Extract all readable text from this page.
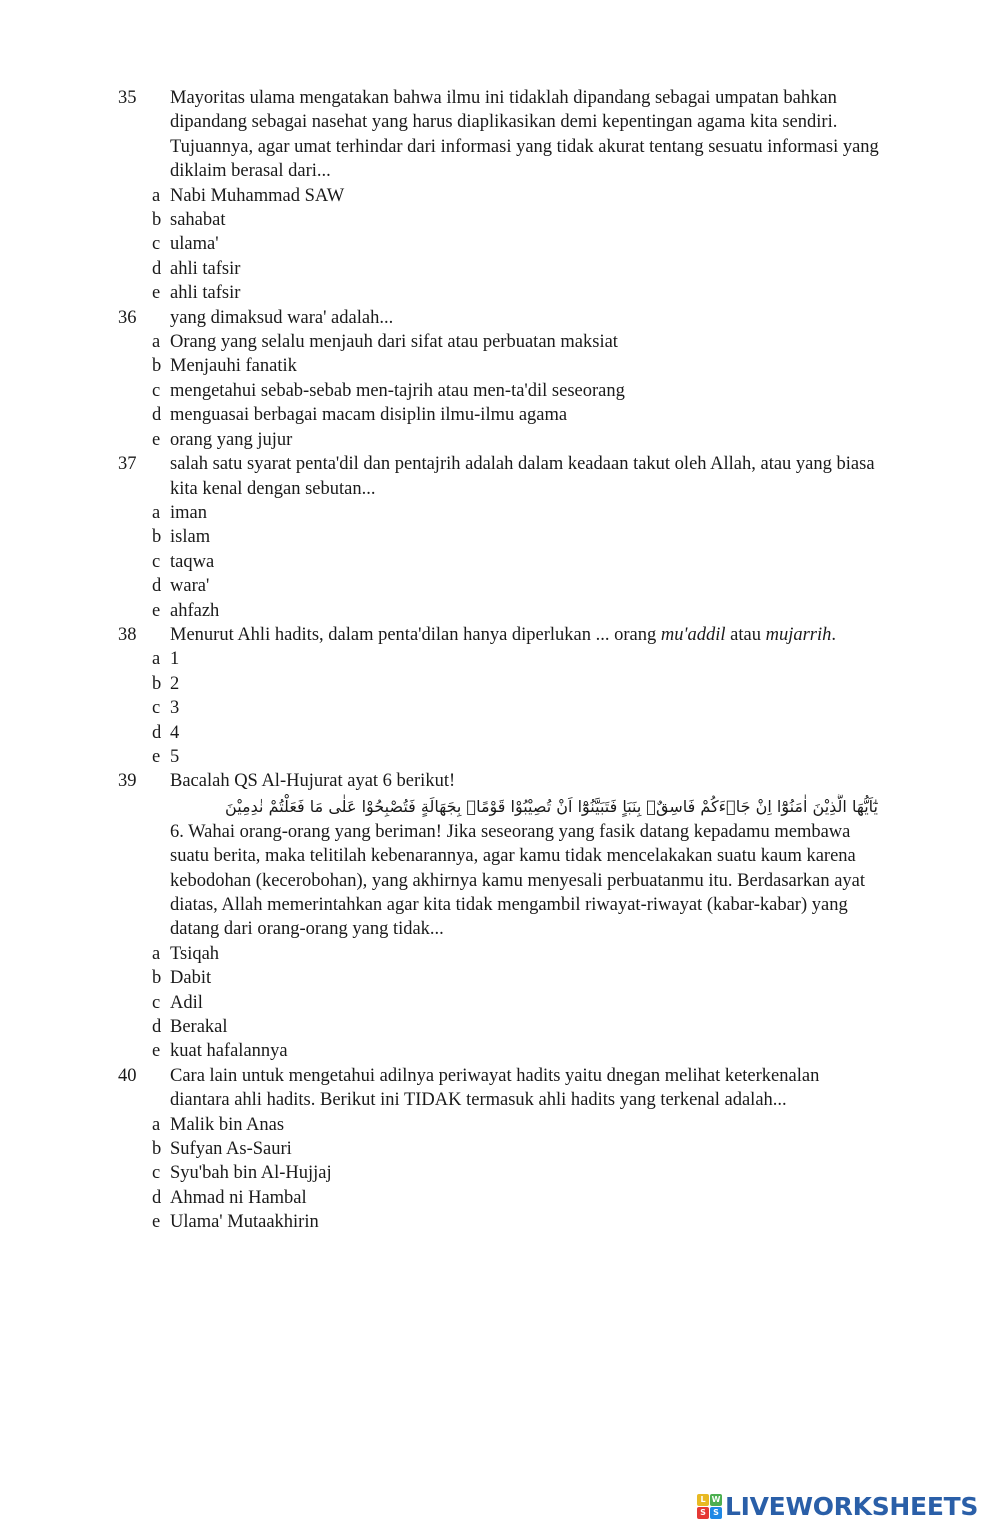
35 Mayoritas ulama mengatakan bahwa ilmu ini tidaklah dipandang sebagai umpatan bahkan dipandang sebagai nasehat yang harus diaplikasikan demi kepentingan agama kita sendiri. Tujuannya, agar umat terhindar dari informasi yang tidak akurat tentang sesuatu informasi yang diklaim berasal dari...
a Nabi Muhammad SAW
b sahabat
c ulama'
d ahli tafsir
e ahli tafsir
36 yang dimaksud wara' adalah...
a Orang yang selalu menjauh dari sifat atau perbuatan maksiat
b Menjauhi fanatik
c mengetahui sebab-sebab men-tajrih atau men-ta'dil seseorang
d menguasai berbagai macam disiplin ilmu-ilmu agama
e orang yang jujur
37 salah satu syarat penta'dil dan pentajrih adalah dalam keadaan takut oleh Allah, atau yang biasa kita kenal dengan sebutan...
a iman
b islam
c taqwa
d wara'
e ahfazh
38 Menurut Ahli hadits, dalam penta'dilan hanya diperlukan ... orang mu'addil atau mujarrih.
a 1
b 2
c 3
d 4
e 5
39 Bacalah QS Al-Hujurat ayat 6 berikut!
يٰٓاَيُّهَا الَّذِيْنَ اٰمَنُوْٓا اِنْ جَاۤءَكُمْ فَاسِقٌۢ بِنَبَاٍ فَتَبَيَّنُوْٓا اَنْ تُصِيْبُوْا قَوْمًاۢ بِجَهَالَةٍ فَتُصْبِحُوْا عَلٰى مَا فَعَلْتُمْ نٰدِمِيْنَ
6. Wahai orang-orang yang beriman! Jika seseorang yang fasik datang kepadamu membawa suatu berita, maka telitilah kebenarannya, agar kamu tidak mencelakakan suatu kaum karena kebodohan (kecerobohan), yang akhirnya kamu menyesali perbuatanmu itu. Berdasarkan ayat diatas, Allah memerintahkan agar kita tidak mengambil riwayat-riwayat (kabar-kabar) yang datang dari orang-orang yang tidak...
a Tsiqah
b Dabit
c Adil
d Berakal
e kuat hafalannya
40 Cara lain untuk mengetahui adilnya periwayat hadits yaitu dnegan melihat keterkenalan diantara ahli hadits. Berikut ini TIDAK termasuk ahli hadits yang terkenal adalah...
a Malik bin Anas
b Sufyan As-Sauri
c Syu'bah bin Al-Hujjaj
d Ahmad ni Hambal
e Ulama' Mutaakhirin
L W
S S LIVEWORKSHEETS
